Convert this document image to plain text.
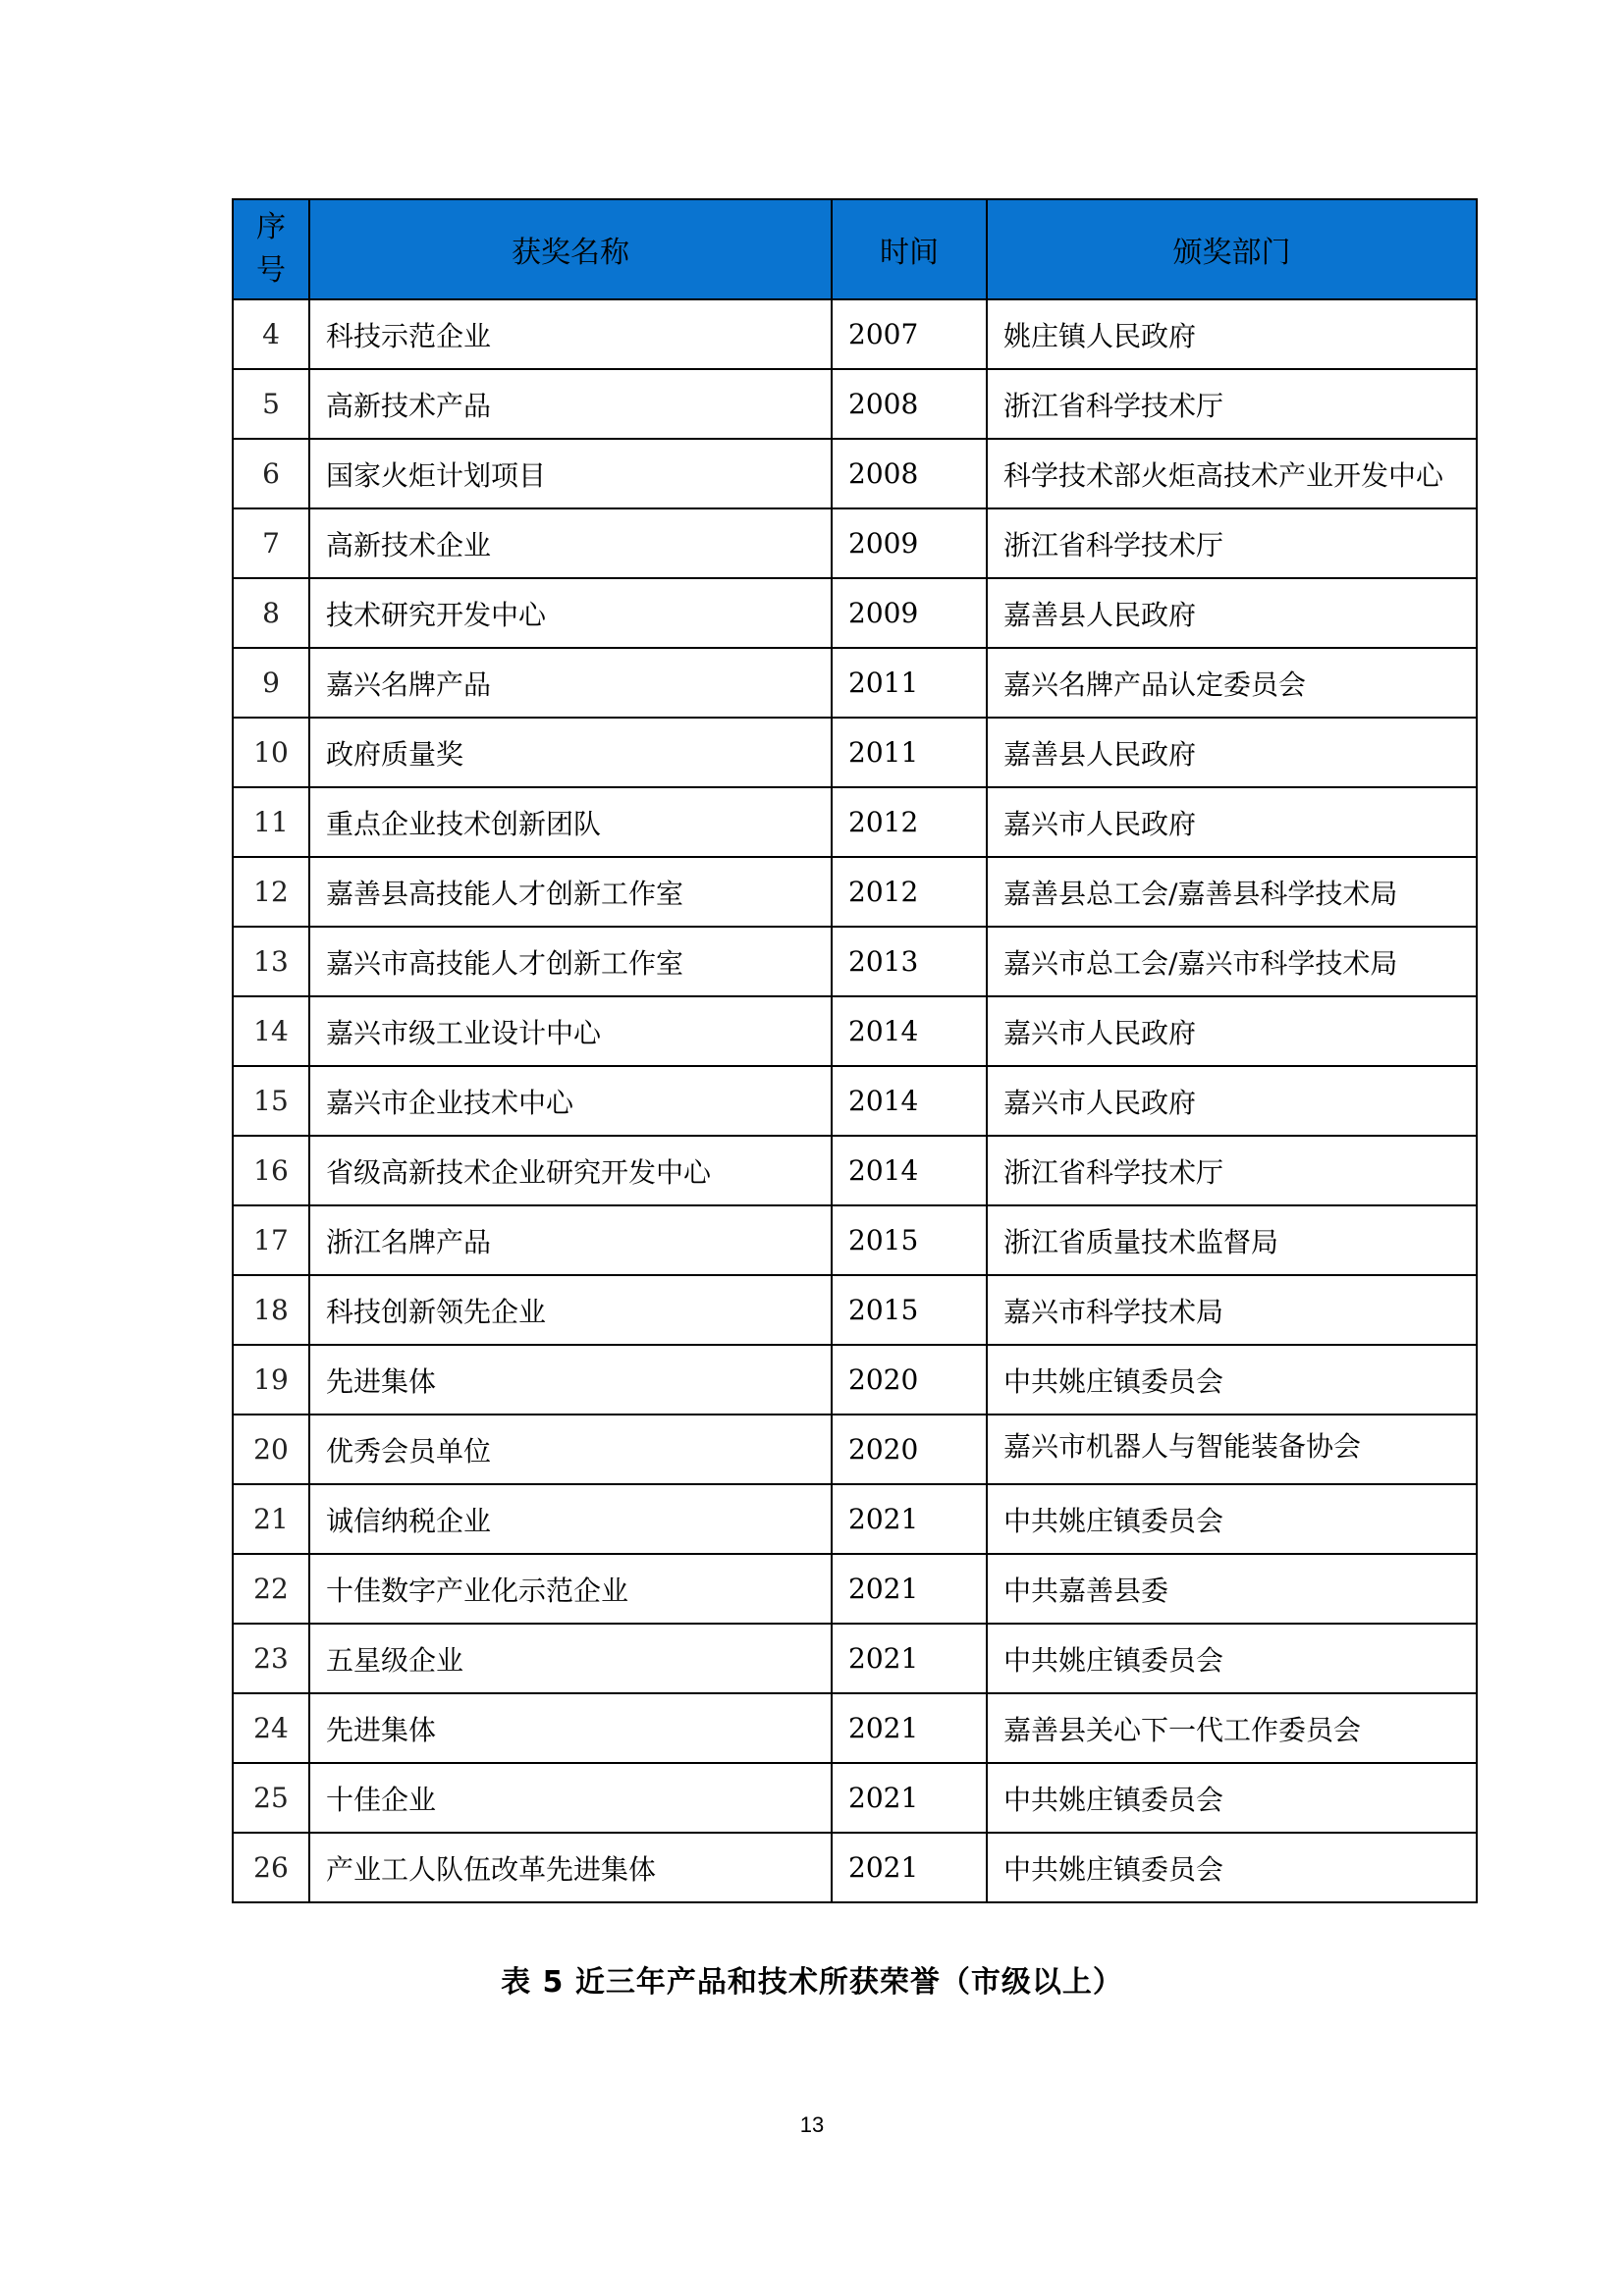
序号	获奖名称	时间	颁奖部门
4	科技示范企业	2007	姚庄镇人民政府
5	高新技术产品	2008	浙江省科学技术厅
6	国家火炬计划项目	2008	科学技术部火炬高技术产业开发中心
7	高新技术企业	2009	浙江省科学技术厅
8	技术研究开发中心	2009	嘉善县人民政府
9	嘉兴名牌产品	2011	嘉兴名牌产品认定委员会
10	政府质量奖	2011	嘉善县人民政府
11	重点企业技术创新团队	2012	嘉兴市人民政府
12	嘉善县高技能人才创新工作室	2012	嘉善县总工会/嘉善县科学技术局
13	嘉兴市高技能人才创新工作室	2013	嘉兴市总工会/嘉兴市科学技术局
14	嘉兴市级工业设计中心	2014	嘉兴市人民政府
15	嘉兴市企业技术中心	2014	嘉兴市人民政府
16	省级高新技术企业研究开发中心	2014	浙江省科学技术厅
17	浙江名牌产品	2015	浙江省质量技术监督局
18	科技创新领先企业	2015	嘉兴市科学技术局
19	先进集体	2020	中共姚庄镇委员会
20	优秀会员单位	2020	嘉兴市机器人与智能装备协会
21	诚信纳税企业	2021	中共姚庄镇委员会
22	十佳数字产业化示范企业	2021	中共嘉善县委
23	五星级企业	2021	中共姚庄镇委员会
24	先进集体	2021	嘉善县关心下一代工作委员会
25	十佳企业	2021	中共姚庄镇委员会
26	产业工人队伍改革先进集体	2021	中共姚庄镇委员会
表 5 近三年产品和技术所获荣誉（市级以上）
13
